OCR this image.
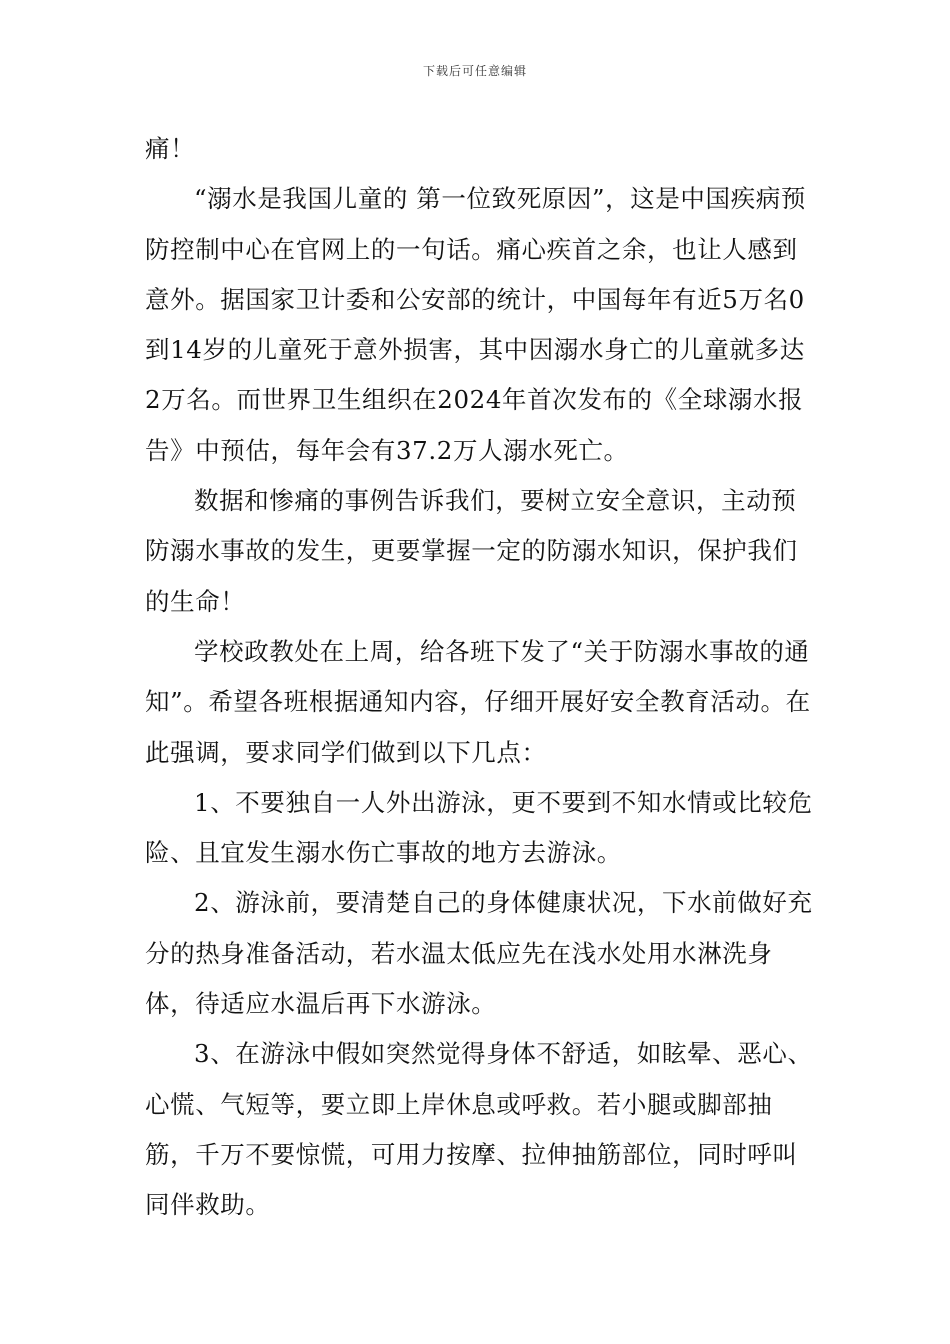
下载后可任意编辑

痛！

“溺水是我国儿童的 第一位致死原因”，这是中国疾病预防控制中心在官网上的一句话。痛心疾首之余，也让人感到意外。据国家卫计委和公安部的统计，中国每年有近5万名0到14岁的儿童死于意外损害，其中因溺水身亡的儿童就多达2万名。而世界卫生组织在2024年首次发布的《全球溺水报告》中预估，每年会有37.2万人溺水死亡。

数据和惨痛的事例告诉我们，要树立安全意识，主动预防溺水事故的发生，更要掌握一定的防溺水知识，保护我们的生命！

学校政教处在上周，给各班下发了“关于防溺水事故的通知”。希望各班根据通知内容，仔细开展好安全教育活动。在此强调，要求同学们做到以下几点：

1、不要独自一人外出游泳，更不要到不知水情或比较危险、且宜发生溺水伤亡事故的地方去游泳。

2、游泳前，要清楚自己的身体健康状况，下水前做好充分的热身准备活动，若水温太低应先在浅水处用水淋洗身体，待适应水温后再下水游泳。

3、在游泳中假如突然觉得身体不舒适，如眩晕、恶心、心慌、气短等，要立即上岸休息或呼救。若小腿或脚部抽筋，千万不要惊慌，可用力按摩、拉伸抽筋部位，同时呼叫同伴救助。
